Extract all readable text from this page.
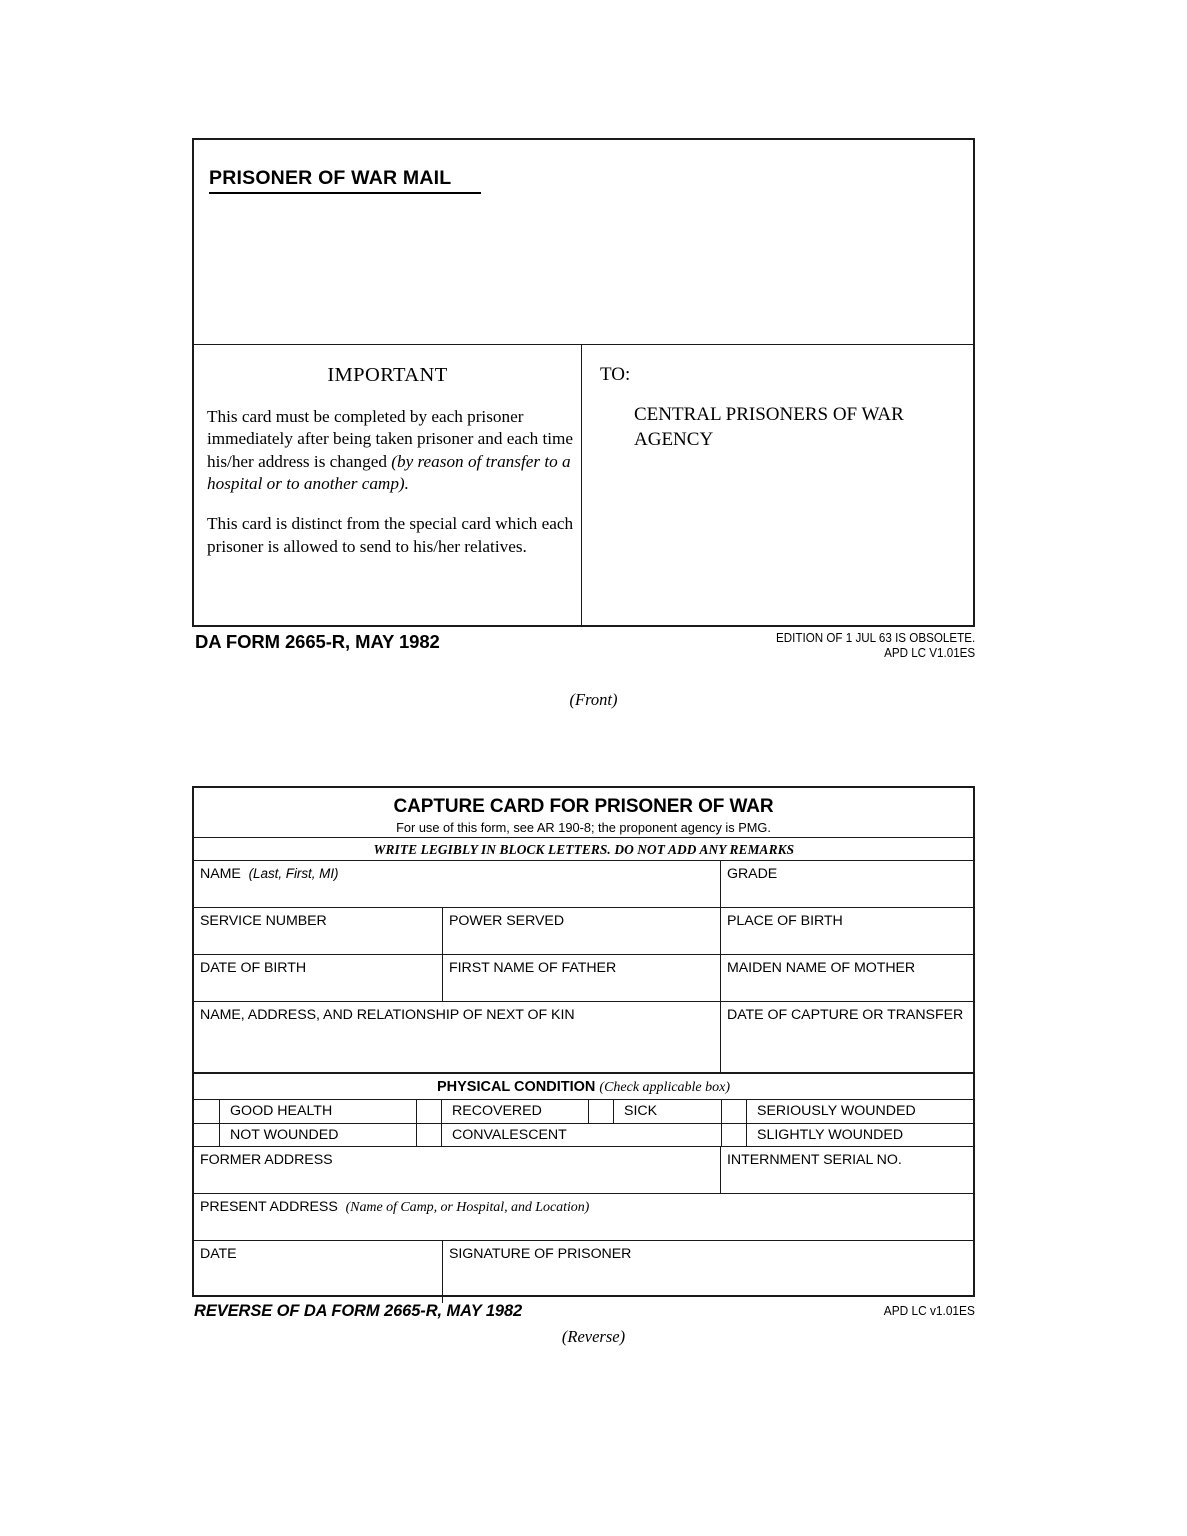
PRISONER OF WAR MAIL
IMPORTANT

This card must be completed by each prisoner immediately after being taken prisoner and each time his/her address is changed (by reason of transfer to a hospital or to another camp).

This card is distinct from the special card which each prisoner is allowed to send to his/her relatives.

TO:
CENTRAL PRISONERS OF WAR AGENCY
DA FORM 2665-R, MAY 1982	EDITION OF 1 JUL 63 IS OBSOLETE.
APD LC V1.01ES
(Front)
CAPTURE CARD FOR PRISONER OF WAR
For use of this form, see AR 190-8; the proponent agency is PMG.
WRITE LEGIBLY IN BLOCK LETTERS. DO NOT ADD ANY REMARKS
NAME (Last, First, MI)	GRADE
SERVICE NUMBER	POWER SERVED	PLACE OF BIRTH
DATE OF BIRTH	FIRST NAME OF FATHER	MAIDEN NAME OF MOTHER
NAME, ADDRESS, AND RELATIONSHIP OF NEXT OF KIN	DATE OF CAPTURE OR TRANSFER
PHYSICAL CONDITION (Check applicable box)
GOOD HEALTH	RECOVERED	SICK	SERIOUSLY WOUNDED
NOT WOUNDED	CONVALESCENT	SLIGHTLY WOUNDED
FORMER ADDRESS	INTERNMENT SERIAL NO.
PRESENT ADDRESS (Name of Camp, or Hospital, and Location)
DATE	SIGNATURE OF PRISONER
REVERSE OF DA FORM 2665-R, MAY 1982	APD LC v1.01ES
(Reverse)
